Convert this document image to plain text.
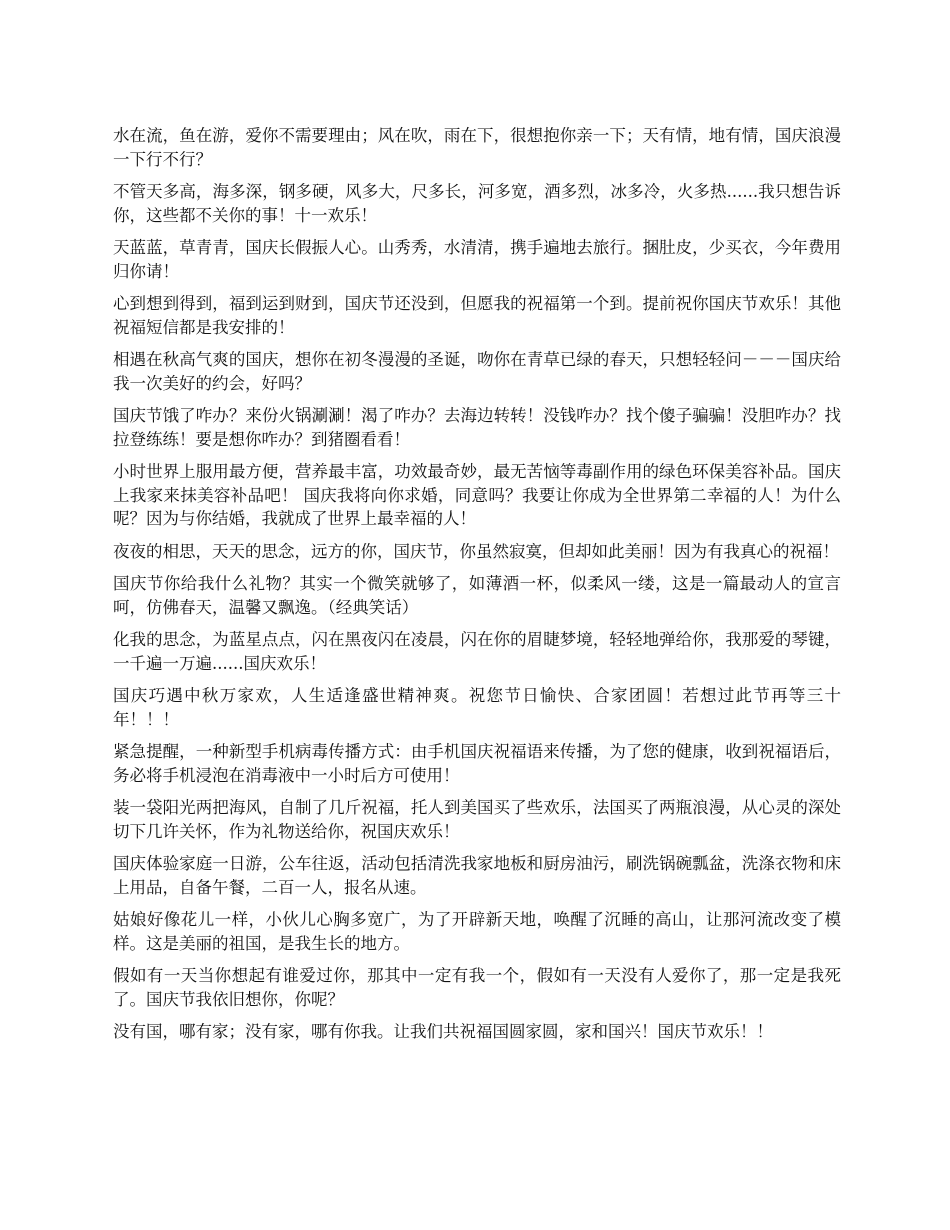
水在流，鱼在游，爱你不需要理由；风在吹，雨在下，很想抱你亲一下；天有情，地有情，国庆浪漫一下行不行？

不管天多高，海多深，钢多硬，风多大，尺多长，河多宽，酒多烈，冰多冷，火多热......我只想告诉你，这些都不关你的事！十一欢乐！

天蓝蓝，草青青，国庆长假振人心。山秀秀，水清清，携手遍地去旅行。捆肚皮，少买衣，今年费用归你请！

心到想到得到，福到运到财到，国庆节还没到，但愿我的祝福第一个到。提前祝你国庆节欢乐！其他祝福短信都是我安排的！

相遇在秋高气爽的国庆，想你在初冬漫漫的圣诞，吻你在青草已绿的春天，只想轻轻问－－－国庆给我一次美好的约会，好吗？

国庆节饿了咋办？来份火锅涮涮！渴了咋办？去海边转转！没钱咋办？找个傻子骗骗！没胆咋办？找拉登练练！要是想你咋办？到猪圈看看！

小时世界上服用最方便，营养最丰富，功效最奇妙，最无苦恼等毒副作用的绿色环保美容补品。国庆上我家来抹美容补品吧！ 国庆我将向你求婚，同意吗？我要让你成为全世界第二幸福的人！为什么呢？因为与你结婚，我就成了世界上最幸福的人！

夜夜的相思，天天的思念，远方的你，国庆节，你虽然寂寞，但却如此美丽！因为有我真心的祝福！

国庆节你给我什么礼物？其实一个微笑就够了，如薄酒一杯，似柔风一缕，这是一篇最动人的宣言呵，仿佛春天，温馨又飘逸。（经典笑话）

化我的思念，为蓝星点点，闪在黑夜闪在凌晨，闪在你的眉睫梦境，轻轻地弹给你，我那爱的琴键，一千遍一万遍......国庆欢乐！

国庆巧遇中秋万家欢，人生适逢盛世精神爽。祝您节日愉快、合家团圆！若想过此节再等三十年！！！

紧急提醒，一种新型手机病毒传播方式：由手机国庆祝福语来传播，为了您的健康，收到祝福语后，务必将手机浸泡在消毒液中一小时后方可使用！

装一袋阳光两把海风，自制了几斤祝福，托人到美国买了些欢乐，法国买了两瓶浪漫，从心灵的深处切下几许关怀，作为礼物送给你，祝国庆欢乐！

国庆体验家庭一日游，公车往返，活动包括清洗我家地板和厨房油污，刷洗锅碗瓢盆，洗涤衣物和床上用品，自备午餐，二百一人，报名从速。

姑娘好像花儿一样，小伙儿心胸多宽广，为了开辟新天地，唤醒了沉睡的高山，让那河流改变了模样。这是美丽的祖国，是我生长的地方。

假如有一天当你想起有谁爱过你，那其中一定有我一个，假如有一天没有人爱你了，那一定是我死了。国庆节我依旧想你，你呢？

没有国，哪有家；没有家，哪有你我。让我们共祝福国圆家圆，家和国兴！国庆节欢乐！！
